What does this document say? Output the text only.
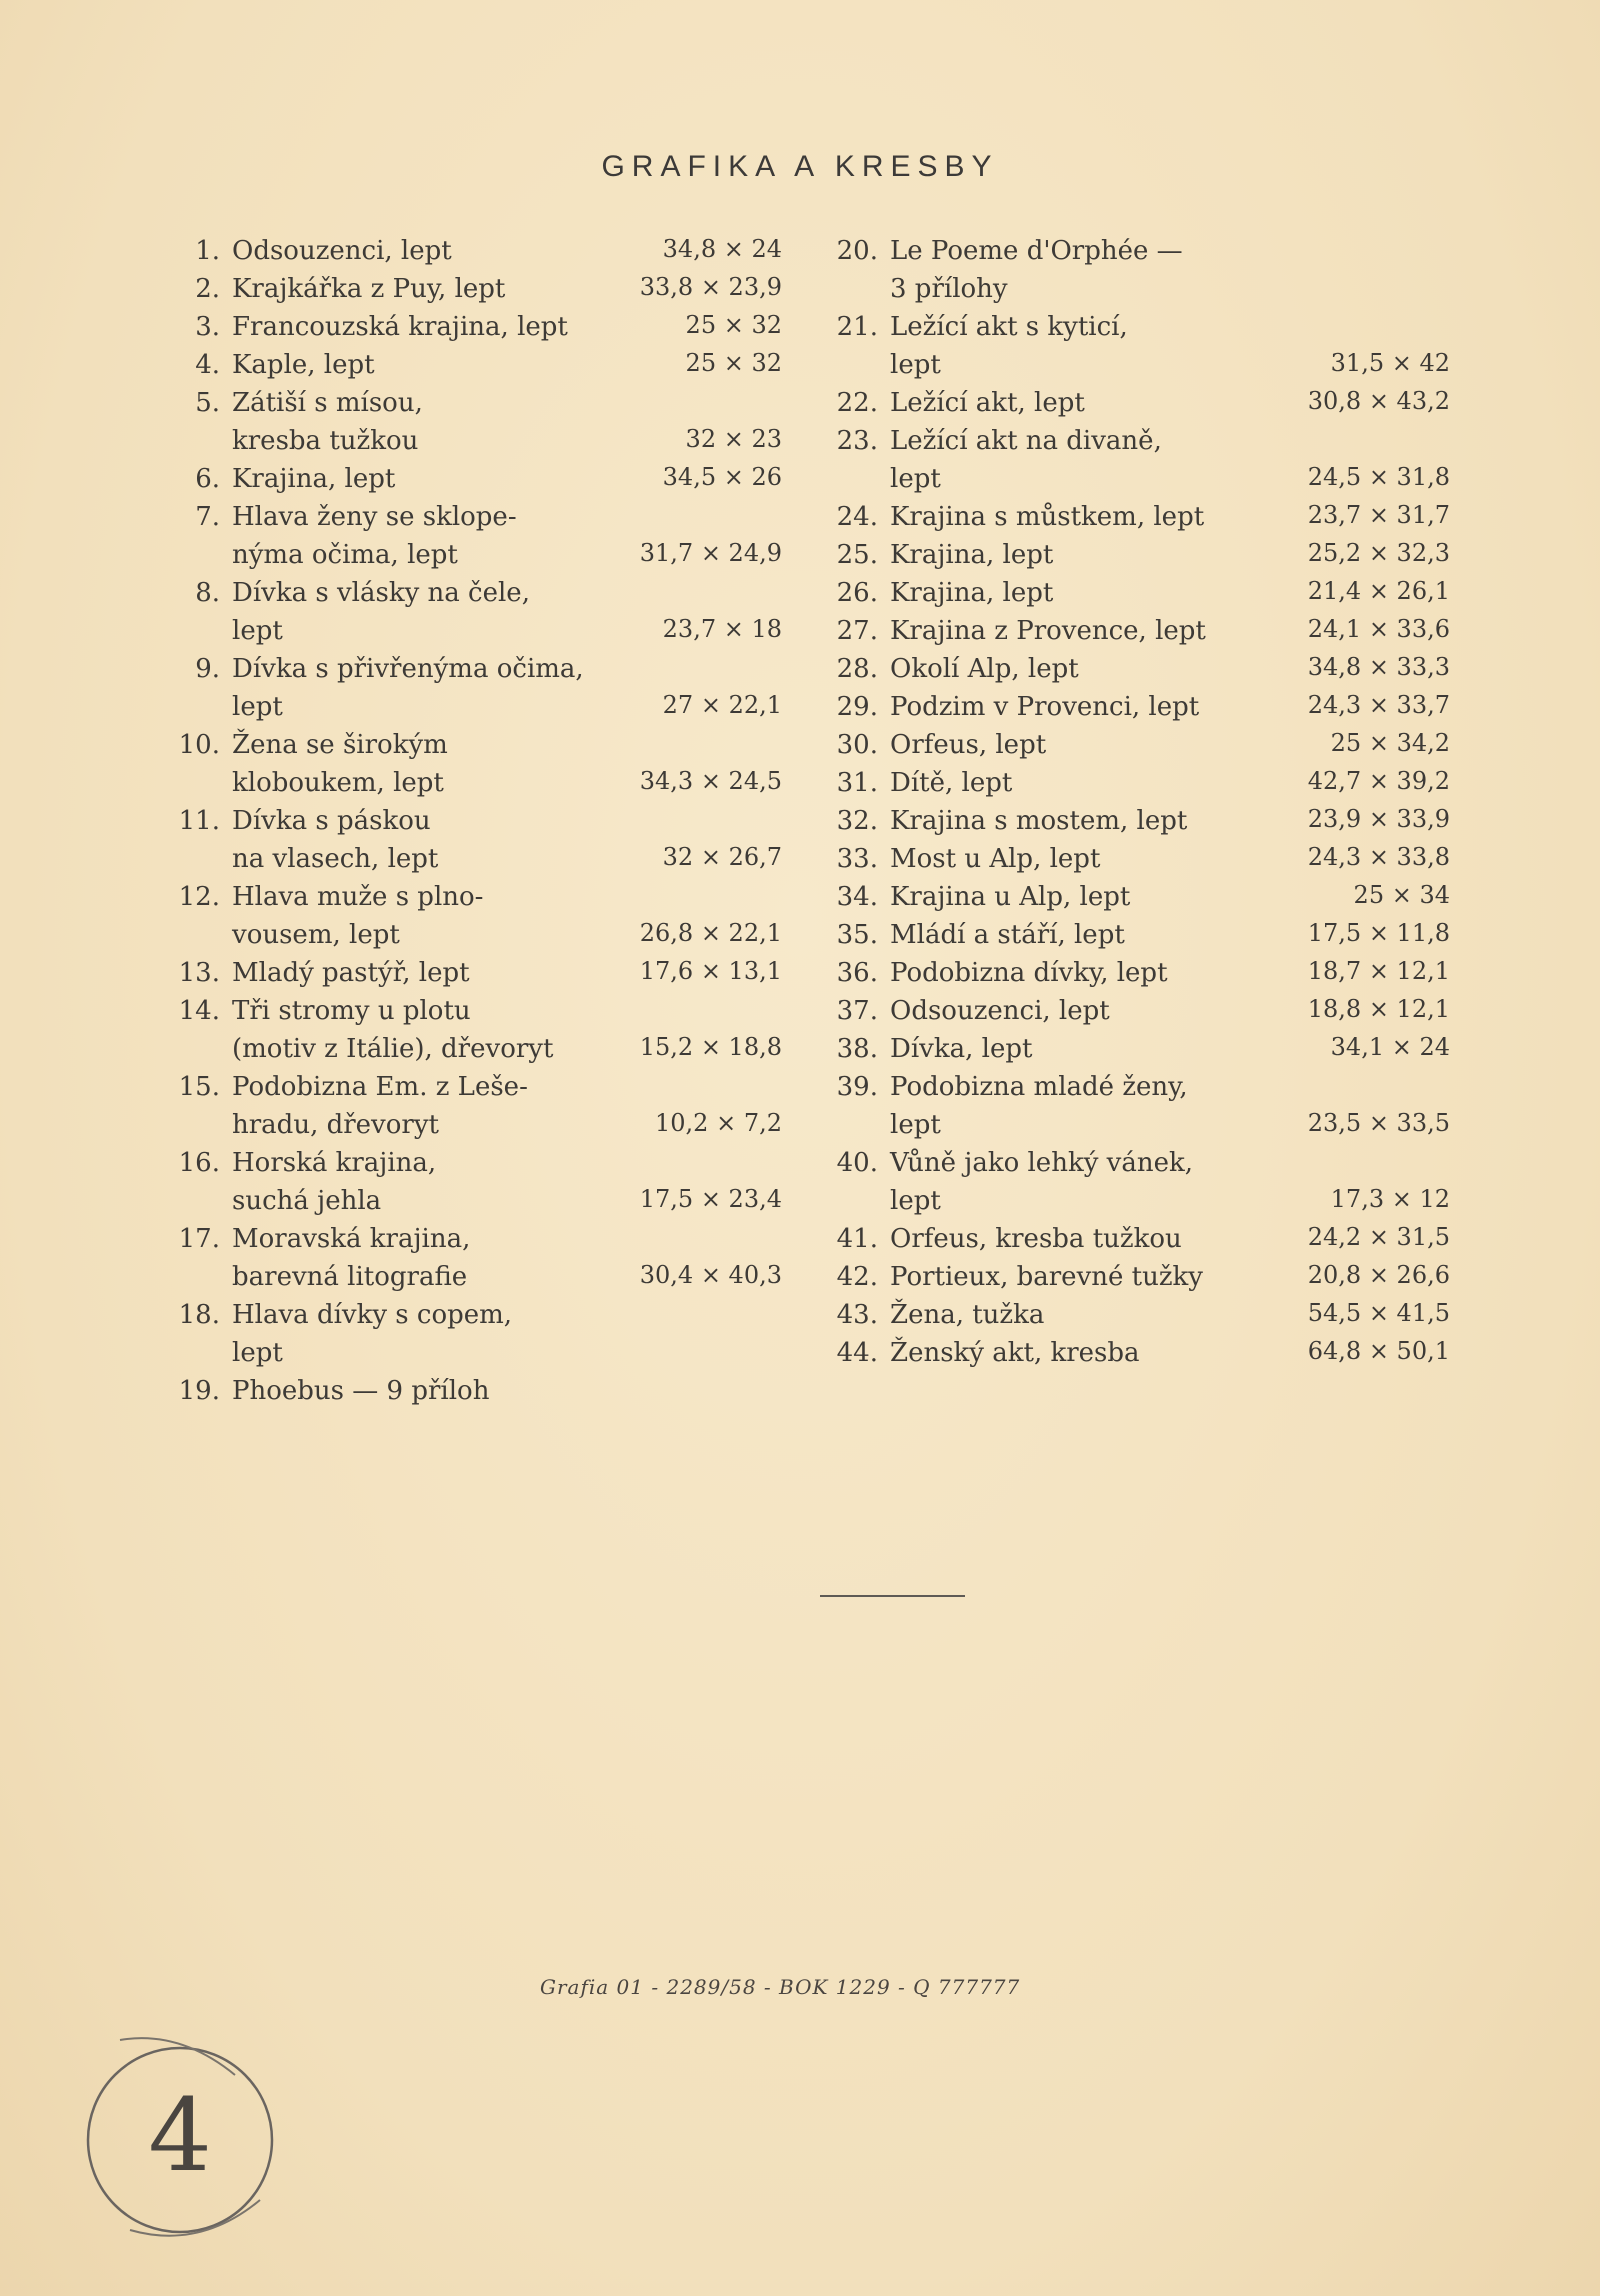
GRAFIKA A KRESBY
1. Odsouzenci, lept	34,8 × 24
2. Krajkářka z Puy, lept	33,8 × 23,9
3. Francouzská krajina, lept	25 × 32
4. Kaple, lept	25 × 32
5. Zátiší s mísou,
kresba tužkou	32 × 23
6. Krajina, lept	34,5 × 26
7. Hlava ženy se sklope-
nýma očima, lept	31,7 × 24,9
8. Dívka s vlásky na čele,
lept	23,7 × 18
9. Dívka s přivřenýma očima,
lept	27 × 22,1
10. Žena se širokým
kloboukem, lept	34,3 × 24,5
11. Dívka s páskou
na vlasech, lept	32 × 26,7
12. Hlava muže s plno-
vousem, lept	26,8 × 22,1
13. Mladý pastýř, lept	17,6 × 13,1
14. Tři stromy u plotu
(motiv z Itálie), dřevoryt	15,2 × 18,8
15. Podobizna Em. z Leše-
hradu, dřevoryt	10,2 × 7,2
16. Horská krajina,
suchá jehla	17,5 × 23,4
17. Moravská krajina,
barevná litografie	30,4 × 40,3
18. Hlava dívky s copem,
lept
19. Phoebus — 9 příloh
20. Le Poeme d'Orphée —
3 přílohy
21. Ležící akt s kyticí,
lept	31,5 × 42
22. Ležící akt, lept	30,8 × 43,2
23. Ležící akt na divaně,
lept	24,5 × 31,8
24. Krajina s můstkem, lept	23,7 × 31,7
25. Krajina, lept	25,2 × 32,3
26. Krajina, lept	21,4 × 26,1
27. Krajina z Provence, lept	24,1 × 33,6
28. Okolí Alp, lept	34,8 × 33,3
29. Podzim v Provenci, lept	24,3 × 33,7
30. Orfeus, lept	25 × 34,2
31. Dítě, lept	42,7 × 39,2
32. Krajina s mostem, lept	23,9 × 33,9
33. Most u Alp, lept	24,3 × 33,8
34. Krajina u Alp, lept	25 × 34
35. Mládí a stáří, lept	17,5 × 11,8
36. Podobizna dívky, lept	18,7 × 12,1
37. Odsouzenci, lept	18,8 × 12,1
38. Dívka, lept	34,1 × 24
39. Podobizna mladé ženy,
lept	23,5 × 33,5
40. Vůně jako lehký vánek,
lept	17,3 × 12
41. Orfeus, kresba tužkou	24,2 × 31,5
42. Portieux, barevné tužky	20,8 × 26,6
43. Žena, tužka	54,5 × 41,5
44. Ženský akt, kresba	64,8 × 50,1
Grafia 01 - 2289/58 - BOK 1229 - Q 777777
4
